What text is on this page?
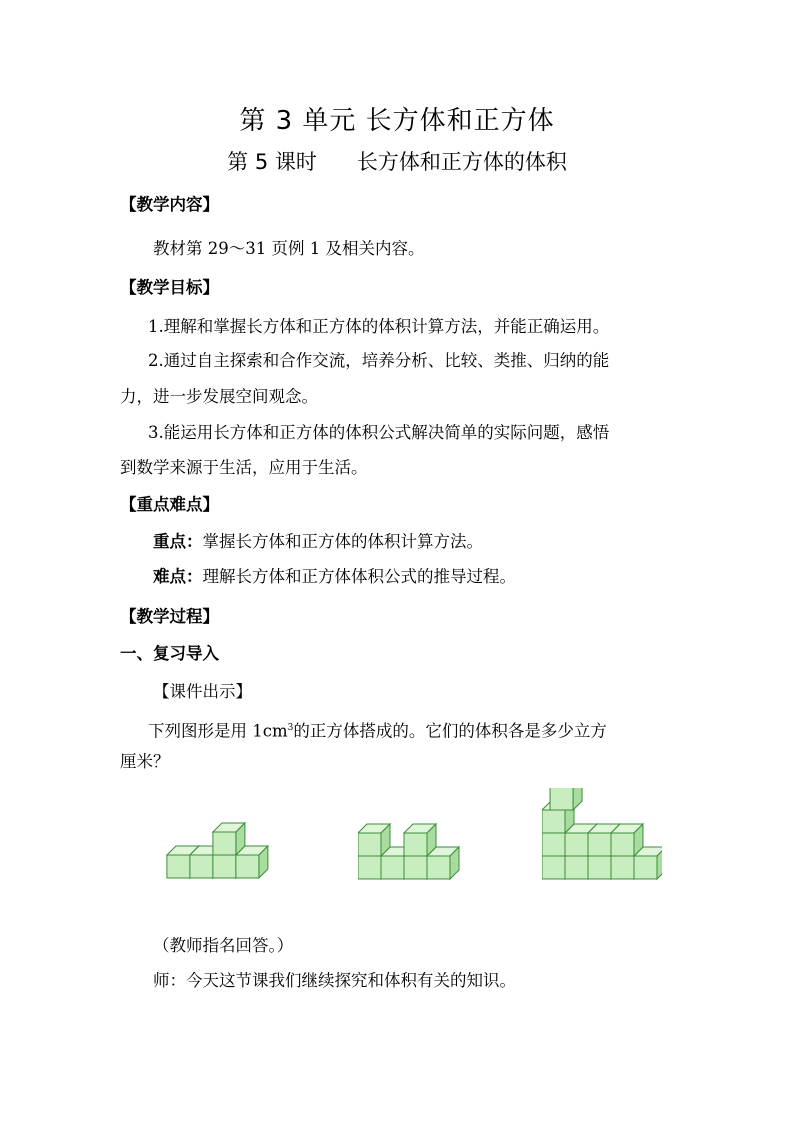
第 3 单元 长方体和正方体
第 5 课时 长方体和正方体的体积
【教学内容】
教材第 29～31 页例 1 及相关内容。
【教学目标】
1.理解和掌握长方体和正方体的体积计算方法，并能正确运用。
2.通过自主探索和合作交流，培养分析、比较、类推、归纳的能
力，进一步发展空间观念。
3.能运用长方体和正方体的体积公式解决简单的实际问题，感悟
到数学来源于生活，应用于生活。
【重点难点】
重点：掌握长方体和正方体的体积计算方法。
难点：理解长方体和正方体体积公式的推导过程。
【教学过程】
一、复习导入
【课件出示】
下列图形是用 $1cm^3$的正方体搭成的。它们的体积各是多少立方
厘米？
（教师指名回答。）
师：今天这节课我们继续探究和体积有关的知识。
